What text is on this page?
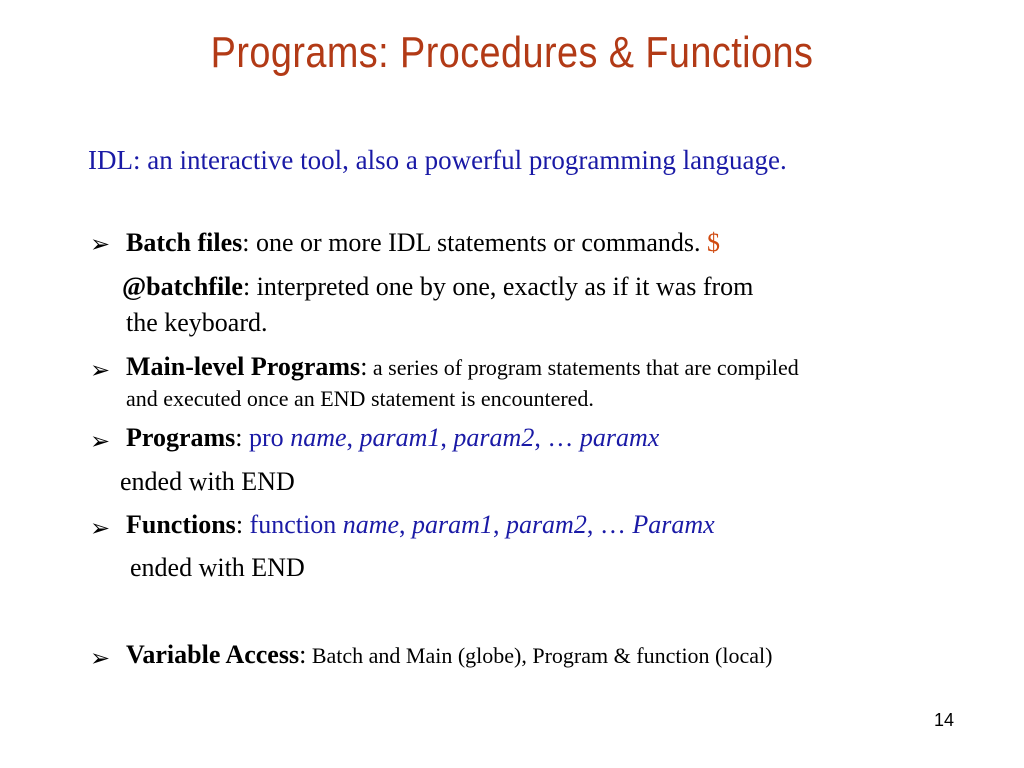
Programs: Procedures & Functions
IDL: an interactive tool, also a powerful programming language.
➢ Batch files: one or more IDL statements or commands. $
@batchfile: interpreted one by one, exactly as if it was from
the keyboard.
➢ Main-level Programs: a series of program statements that are compiled
and executed once an END statement is encountered.
➢ Programs: pro name, param1, param2, … paramx
ended with END
➢ Functions: function name, param1, param2, … Paramx
ended with END
➢ Variable Access: Batch and Main (globe), Program & function (local)
14
